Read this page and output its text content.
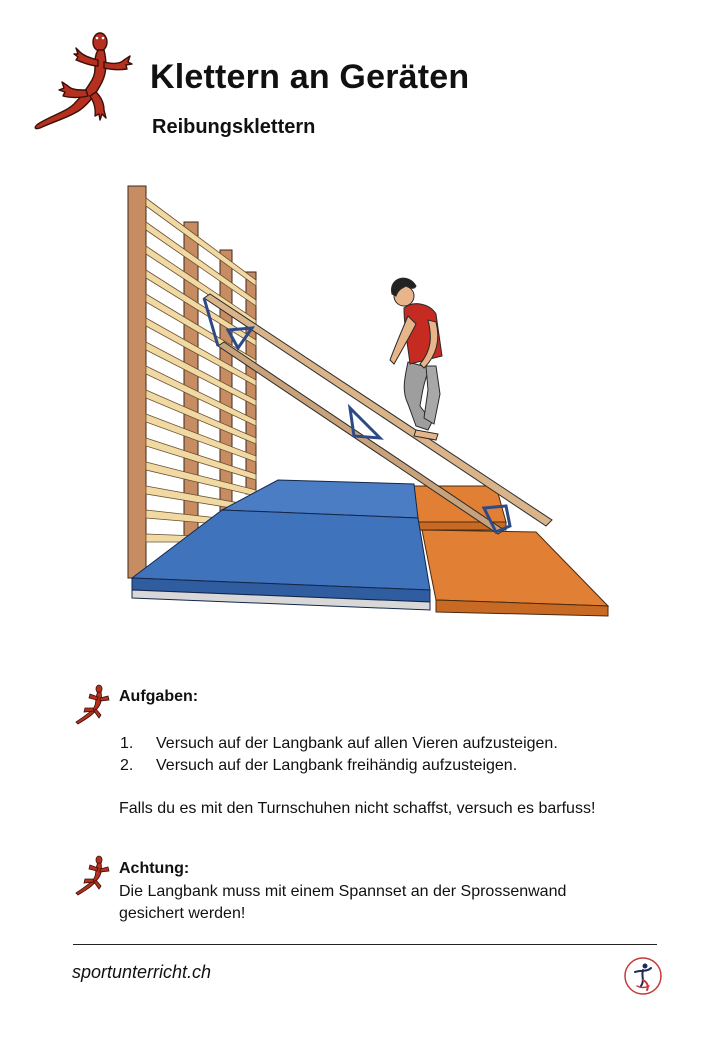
Klettern an Geräten
Reibungsklettern
Aufgaben:
1. Versuch auf der Langbank auf allen Vieren aufzusteigen.
2. Versuch auf der Langbank freihändig aufzusteigen.
Falls du es mit den Turnschuhen nicht schaffst, versuch es barfuss!
Achtung:
Die Langbank muss mit einem Spannset an der Sprossenwand gesichert werden!
sportunterricht.ch
